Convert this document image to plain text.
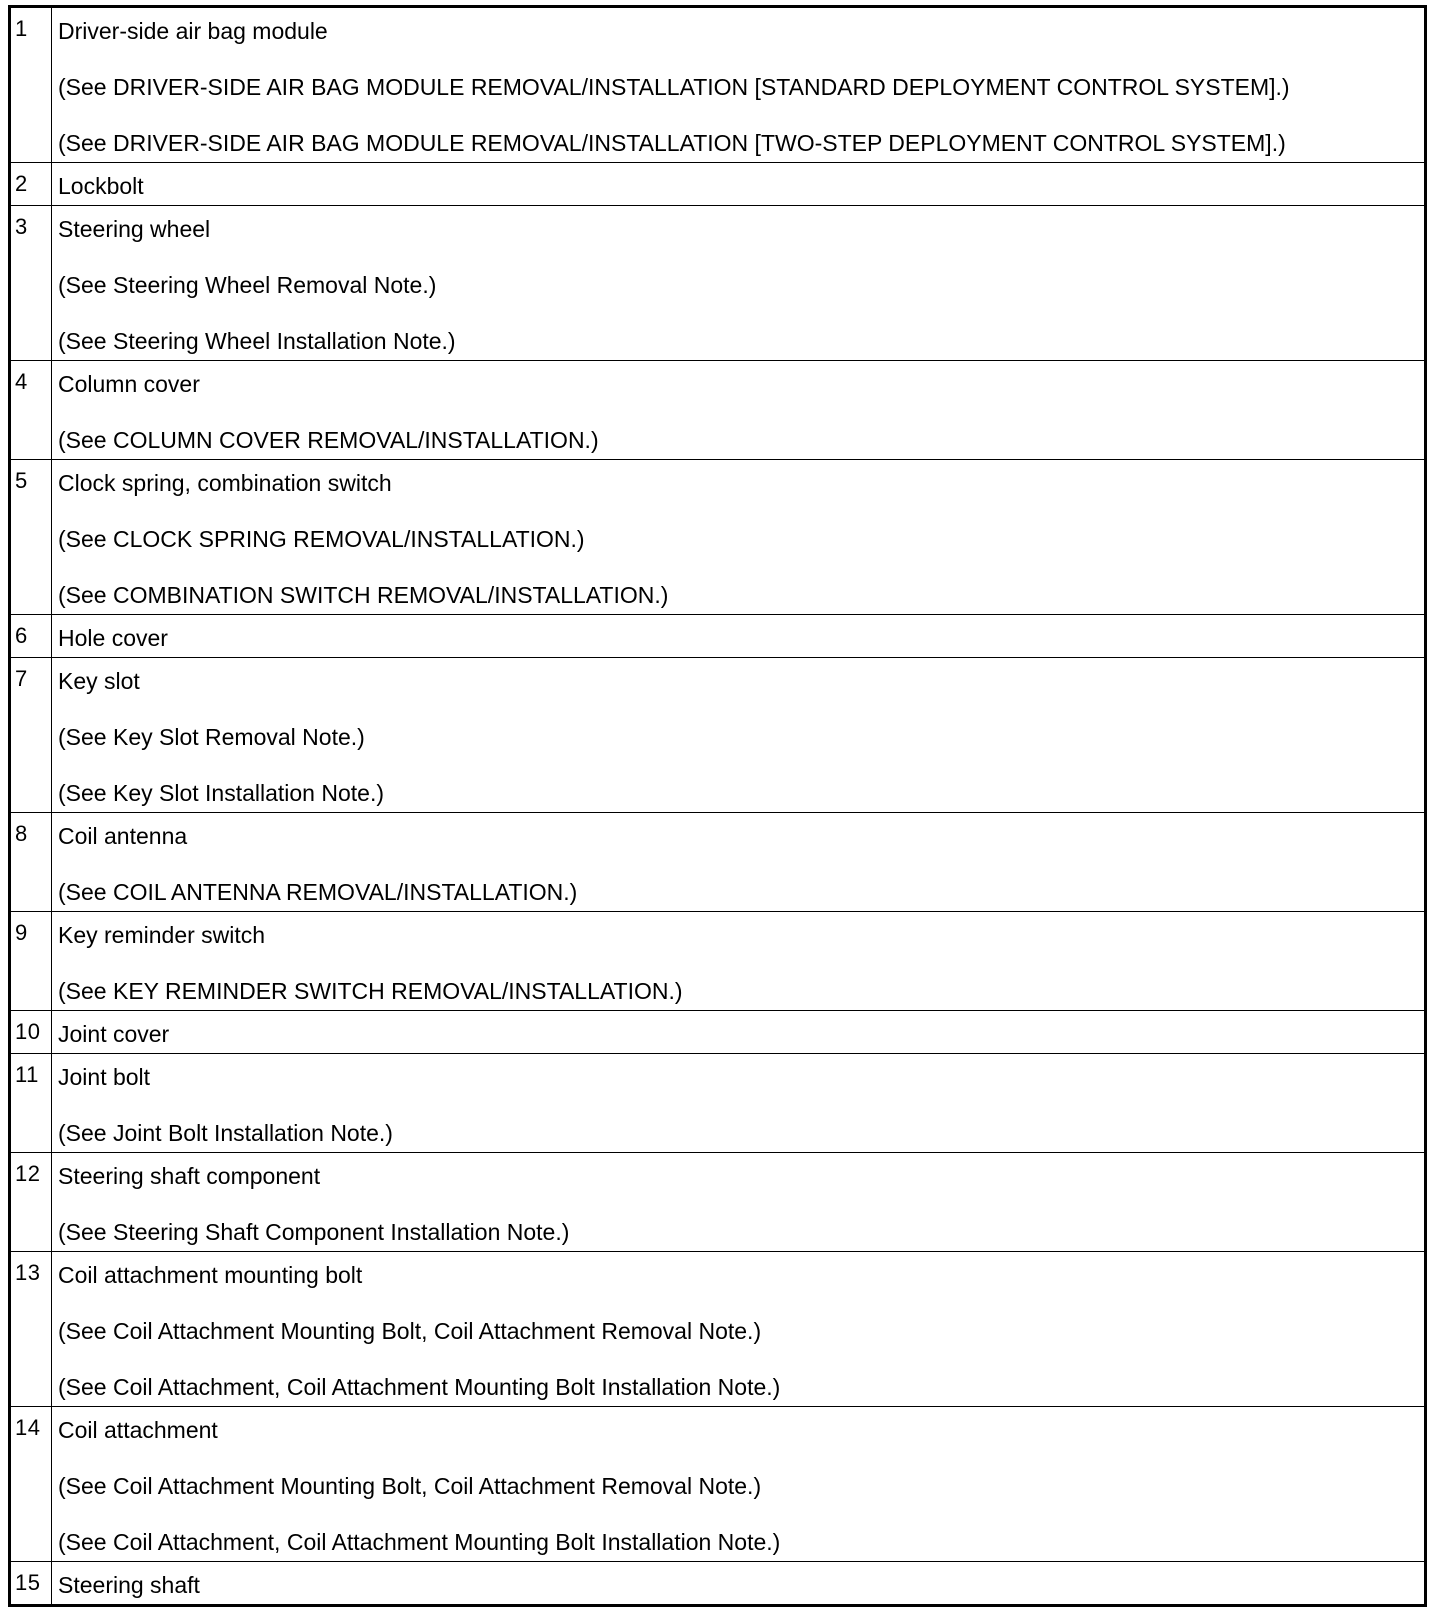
1	Driver-side air bag module
(See DRIVER-SIDE AIR BAG MODULE REMOVAL/INSTALLATION [STANDARD DEPLOYMENT CONTROL SYSTEM].)
(See DRIVER-SIDE AIR BAG MODULE REMOVAL/INSTALLATION [TWO-STEP DEPLOYMENT CONTROL SYSTEM].)

2	Lockbolt

3	Steering wheel
(See Steering Wheel Removal Note.)
(See Steering Wheel Installation Note.)

4	Column cover
(See COLUMN COVER REMOVAL/INSTALLATION.)

5	Clock spring, combination switch
(See CLOCK SPRING REMOVAL/INSTALLATION.)
(See COMBINATION SWITCH REMOVAL/INSTALLATION.)

6	Hole cover

7	Key slot
(See Key Slot Removal Note.)
(See Key Slot Installation Note.)

8	Coil antenna
(See COIL ANTENNA REMOVAL/INSTALLATION.)

9	Key reminder switch
(See KEY REMINDER SWITCH REMOVAL/INSTALLATION.)

10	Joint cover

11	Joint bolt
(See Joint Bolt Installation Note.)

12	Steering shaft component
(See Steering Shaft Component Installation Note.)

13	Coil attachment mounting bolt
(See Coil Attachment Mounting Bolt, Coil Attachment Removal Note.)
(See Coil Attachment, Coil Attachment Mounting Bolt Installation Note.)

14	Coil attachment
(See Coil Attachment Mounting Bolt, Coil Attachment Removal Note.)
(See Coil Attachment, Coil Attachment Mounting Bolt Installation Note.)

15	Steering shaft
